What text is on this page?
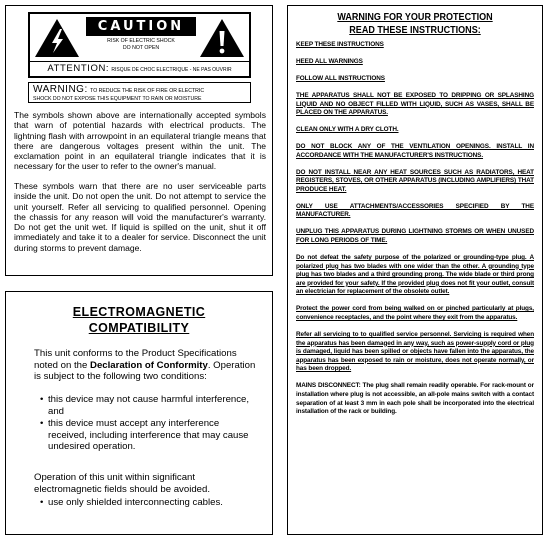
CAUTION
RISK OF ELECTRIC SHOCK
DO NOT OPEN
ATTENTION: RISQUE DE CHOC ELECTRIQUE - NE PAS OUVRIR
WARNING: TO REDUCE THE RISK OF FIRE OR ELECTRIC
SHOCK DO NOT EXPOSE THIS EQUIPMENT TO RAIN OR MOISTURE

The symbols shown above are internationally accepted symbols that warn of potential hazards with electrical products. The lightning flash with arrowpoint in an equilateral triangle means that there are dangerous voltages present within the unit. The exclamation point in an equilateral triangle indicates that it is necessary for the user to refer to the owner's manual.

These symbols warn that there are no user serviceable parts inside the unit. Do not open the unit. Do not attempt to service the unit yourself. Refer all servicing to qualified personnel. Opening the chassis for any reason will void the manufacturer's warranty. Do not get the unit wet. If liquid is spilled on the unit, shut it off immediately and take it to a dealer for service. Disconnect the unit during storms to prevent damage.

ELECTROMAGNETIC
COMPATIBILITY

This unit conforms to the Product Specifications noted on the Declaration of Conformity. Operation is subject to the following two conditions:

• this device may not cause harmful interference, and
• this device must accept any interference received, including interference that may cause undesired operation.

Operation of this unit within significant electromagnetic fields should be avoided.

• use only shielded interconnecting cables.
WARNING FOR YOUR PROTECTION
READ THESE INSTRUCTIONS:
KEEP THESE INSTRUCTIONS
HEED ALL WARNINGS
FOLLOW ALL INSTRUCTIONS
THE APPARATUS SHALL NOT BE EXPOSED TO DRIPPING OR SPLASHING LIQUID AND NO OBJECT FILLED WITH LIQUID, SUCH AS VASES, SHALL BE PLACED ON THE APPARATUS.
CLEAN ONLY WITH A DRY CLOTH.
DO NOT BLOCK ANY OF THE VENTILATION OPENINGS. INSTALL IN ACCORDANCE WITH THE MANUFACTURER'S INSTRUCTIONS.
DO NOT INSTALL NEAR ANY HEAT SOURCES SUCH AS RADIATORS, HEAT REGISTERS, STOVES, OR OTHER APPARATUS (INCLUDING AMPLIFIERS) THAT PRODUCE HEAT.
ONLY USE ATTACHMENTS/ACCESSORIES SPECIFIED BY THE MANUFACTURER.
UNPLUG THIS APPARATUS DURING LIGHTNING STORMS OR WHEN UNUSED FOR LONG PERIODS OF TIME.
Do not defeat the safety purpose of the polarized or grounding-type plug. A polarized plug has two blades with one wider than the other. A grounding type plug has two blades and a third grounding prong. The wide blade or third prong are provided for your safety. If the provided plug does not fit your outlet, consult an electrician for replacement of the obsolete outlet.
Protect the power cord from being walked on or pinched particularly at plugs, convenience receptacles, and the point where they exit from the apparatus.
Refer all servicing to to qualified service personnel. Servicing is required when the apparatus has been damaged in any way, such as power-supply cord or plug is damaged, liquid has been spilled or objects have fallen into the apparatus, the apparatus has been exposed to rain or moisture, does not operate normally, or has been dropped.
MAINS DISCONNECT: The plug shall remain readily operable. For rack-mount or installation where plug is not accessible, an all-pole mains switch with a contact separation of at least 3 mm in each pole shall be incorporated into the electrical installation of the rack or building.
